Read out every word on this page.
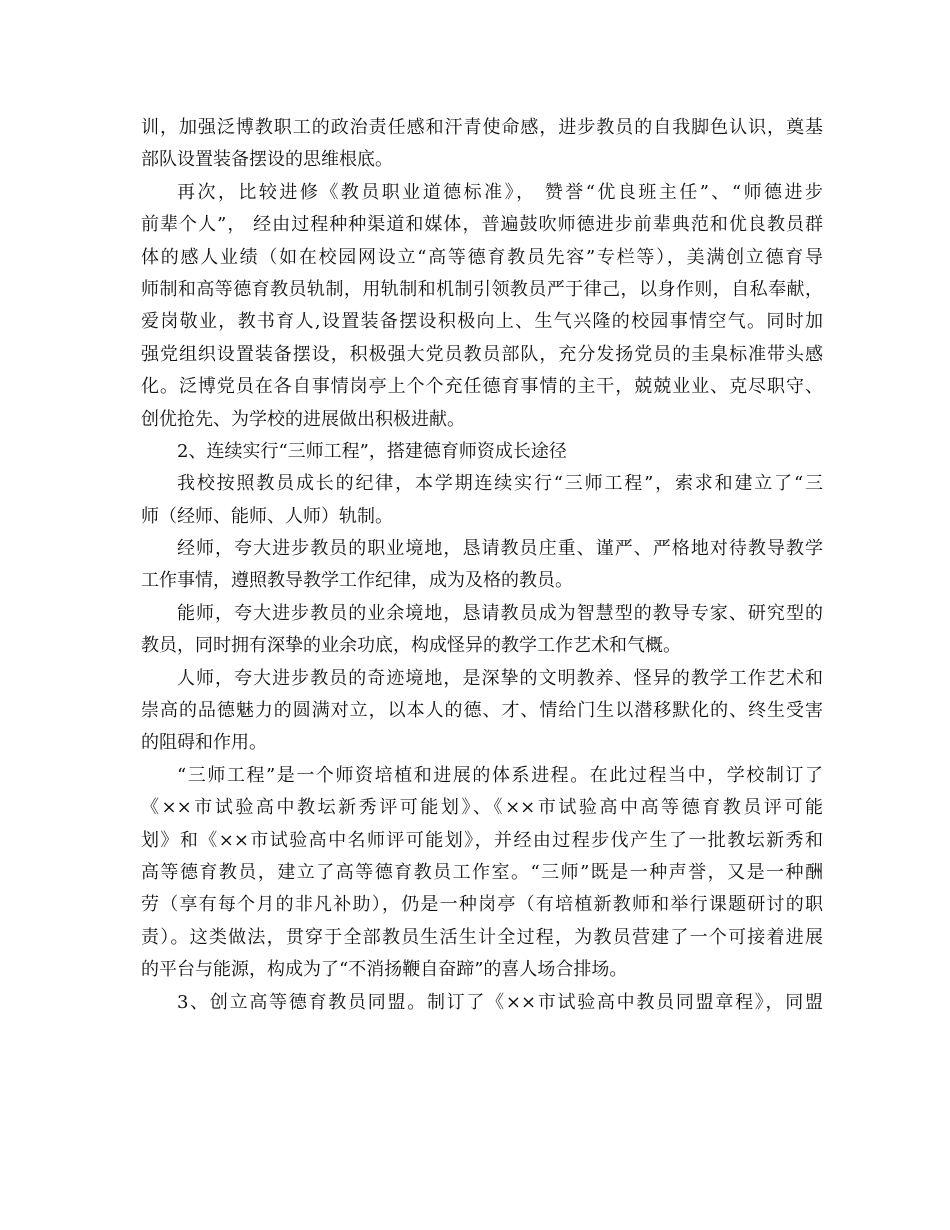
训，加强泛博教职工的政治责任感和汗青使命感，进步教员的自我脚色认识，奠基
部队设置装备摆设的思维根底。
再次，比较进修《教员职业道德标准》， 赞誉“优良班主任”、“师德进步
前辈个人”， 经由过程种种渠道和媒体，普遍鼓吹师德进步前辈典范和优良教员群
体的感人业绩（如在校园网设立“高等德育教员先容”专栏等），美满创立德育导
师制和高等德育教员轨制，用轨制和机制引领教员严于律己，以身作则，自私奉献，
爱岗敬业，教书育人,设置装备摆设积极向上、生气兴隆的校园事情空气。同时加
强党组织设置装备摆设，积极强大党员教员部队，充分发扬党员的圭臬标准带头感
化。泛博党员在各自事情岗亭上个个充任德育事情的主干，兢兢业业、克尽职守、
创优抢先、为学校的进展做出积极进献。
2、连续实行“三师工程”，搭建德育师资成长途径
我校按照教员成长的纪律，本学期连续实行“三师工程”，索求和建立了“三
师（经师、能师、人师）轨制。
经师，夸大进步教员的职业境地，恳请教员庄重、谨严、严格地对待教导教学
工作事情，遵照教导教学工作纪律，成为及格的教员。
能师，夸大进步教员的业余境地，恳请教员成为智慧型的教导专家、研究型的
教员，同时拥有深挚的业余功底，构成怪异的教学工作艺术和气概。
人师，夸大进步教员的奇迹境地，是深挚的文明教养、怪异的教学工作艺术和
崇高的品德魅力的圆满对立，以本人的德、才、情给门生以潜移默化的、终生受害
的阻碍和作用。
“三师工程”是一个师资培植和进展的体系进程。在此过程当中，学校制订了
《××市试验高中教坛新秀评可能划》、《××市试验高中高等德育教员评可能
划》和《××市试验高中名师评可能划》，并经由过程步伐产生了一批教坛新秀和
高等德育教员，建立了高等德育教员工作室。“三师”既是一种声誉，又是一种酬
劳（享有每个月的非凡补助），仍是一种岗亭（有培植新教师和举行课题研讨的职
责）。这类做法，贯穿于全部教员生活生计全过程，为教员营建了一个可接着进展
的平台与能源，构成为了“不消扬鞭自奋蹄”的喜人场合排场。
3、创立高等德育教员同盟。制订了《××市试验高中教员同盟章程》，同盟
